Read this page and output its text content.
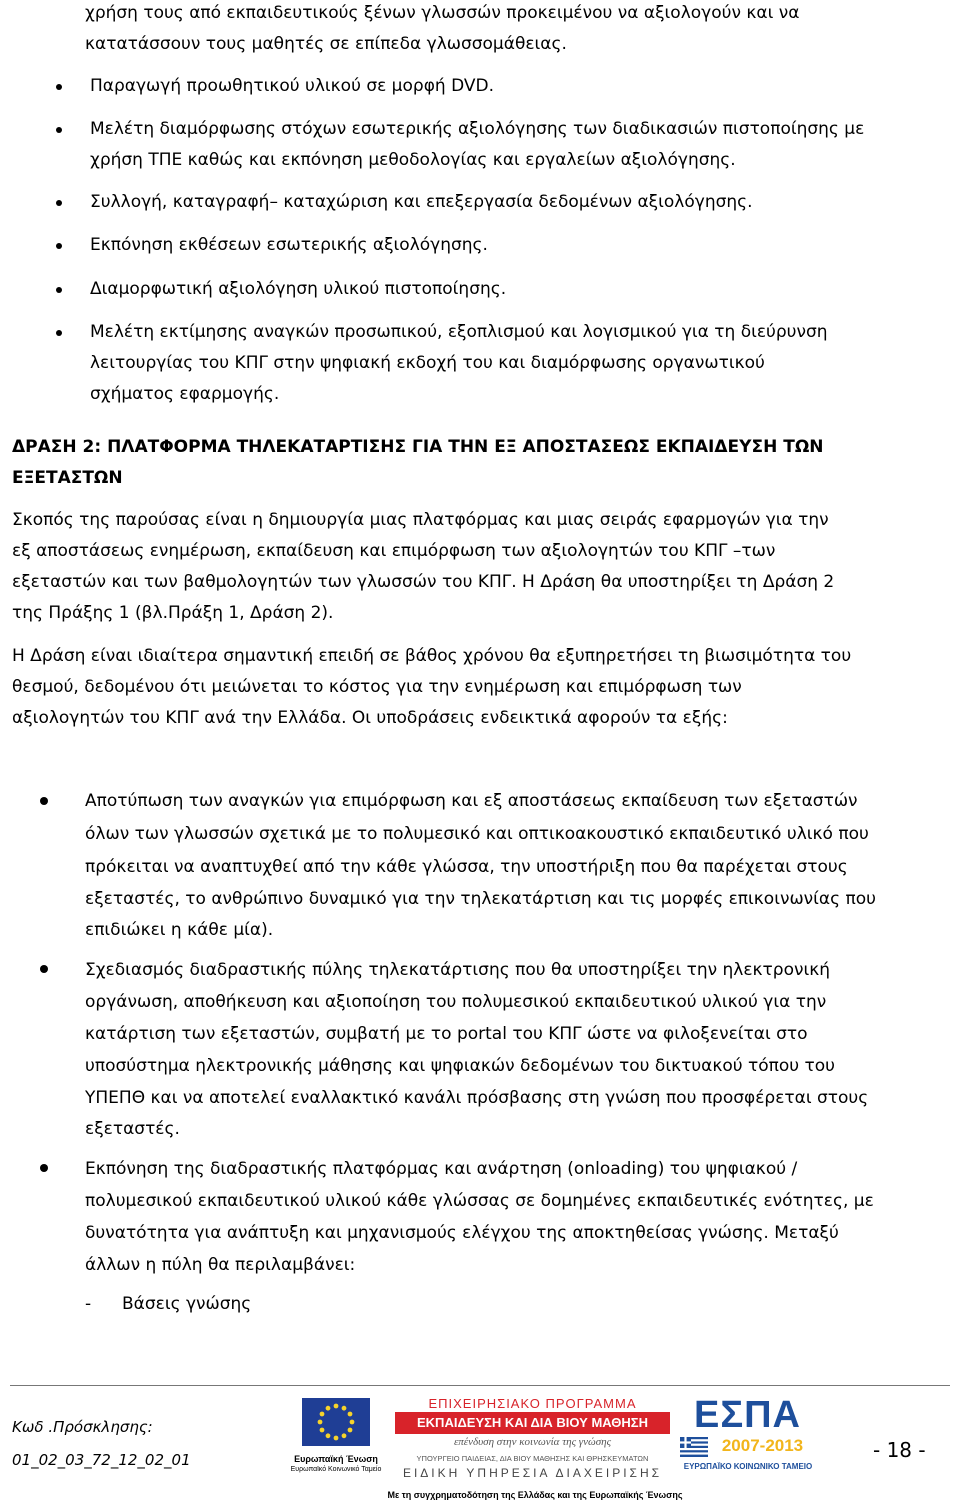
χρήση τους από εκπαιδευτικούς ξένων γλωσσών προκειμένου να αξιολογούν και να
κατατάσσουν τους μαθητές σε επίπεδα γλωσσομάθειας.
Παραγωγή προωθητικού υλικού σε μορφή DVD.
Μελέτη διαμόρφωσης στόχων εσωτερικής αξιολόγησης των διαδικασιών πιστοποίησης με
χρήση ΤΠΕ καθώς και εκπόνηση μεθοδολογίας και εργαλείων αξιολόγησης.
Συλλογή, καταγραφή– καταχώριση και επεξεργασία δεδομένων αξιολόγησης.
Εκπόνηση εκθέσεων εσωτερικής αξιολόγησης.
Διαμορφωτική αξιολόγηση υλικού πιστοποίησης.
Μελέτη εκτίμησης αναγκών προσωπικού, εξοπλισμού και λογισμικού για τη διεύρυνση
λειτουργίας του ΚΠΓ στην ψηφιακή εκδοχή του και διαμόρφωσης οργανωτικού
σχήματος εφαρμογής.
ΔΡΑΣΗ 2: ΠΛΑΤΦΟΡΜΑ ΤΗΛΕΚΑΤΑΡΤΙΣΗΣ ΓΙΑ ΤΗΝ ΕΞ ΑΠΟΣΤΑΣΕΩΣ ΕΚΠΑΙΔΕΥΣΗ ΤΩΝ
ΕΞΕΤΑΣΤΩΝ
Σκοπός της παρούσας είναι η δημιουργία μιας πλατφόρμας και μιας σειράς εφαρμογών για την
εξ αποστάσεως ενημέρωση, εκπαίδευση και επιμόρφωση των αξιολογητών του ΚΠΓ –των
εξεταστών και των βαθμολογητών των γλωσσών του ΚΠΓ. Η Δράση θα υποστηρίξει τη Δράση 2
της Πράξης 1 (βλ.Πράξη 1, Δράση 2).
Η Δράση είναι ιδιαίτερα σημαντική επειδή σε βάθος χρόνου θα εξυπηρετήσει τη βιωσιμότητα του
θεσμού, δεδομένου ότι μειώνεται το κόστος για την ενημέρωση και επιμόρφωση των
αξιολογητών του ΚΠΓ ανά την Ελλάδα. Οι υποδράσεις ενδεικτικά αφορούν τα εξής:
Αποτύπωση των αναγκών για επιμόρφωση και εξ αποστάσεως εκπαίδευση των εξεταστών
όλων των γλωσσών σχετικά με το πολυμεσικό και οπτικοακουστικό εκπαιδευτικό υλικό που
πρόκειται να αναπτυχθεί από την κάθε γλώσσα, την υποστήριξη που θα παρέχεται στους
εξεταστές, το ανθρώπινο δυναμικό για την τηλεκατάρτιση και τις μορφές επικοινωνίας που
επιδιώκει η κάθε μία).
Σχεδιασμός διαδραστικής πύλης τηλεκατάρτισης που θα υποστηρίξει την ηλεκτρονική
οργάνωση, αποθήκευση και αξιοποίηση του πολυμεσικού εκπαιδευτικού υλικού για την
κατάρτιση των εξεταστών, συμβατή με το portal του ΚΠΓ ώστε να φιλοξενείται στο
υποσύστημα ηλεκτρονικής μάθησης και ψηφιακών δεδομένων του δικτυακού τόπου του
ΥΠΕΠΘ και να αποτελεί εναλλακτικό κανάλι πρόσβασης στη γνώση που προσφέρεται στους
εξεταστές.
Εκπόνηση της διαδραστικής πλατφόρμας και ανάρτηση (onloading) του ψηφιακού /
πολυμεσικού εκπαιδευτικού υλικού κάθε γλώσσας σε δομημένες εκπαιδευτικές ενότητες, με
δυνατότητα για ανάπτυξη και μηχανισμούς ελέγχου της αποκτηθείσας γνώσης. Μεταξύ
άλλων η πύλη θα περιλαμβάνει:
- Βάσεις γνώσης
Κωδ .Πρόσκλησης:
01_02_03_72_12_02_01	Ευρωπαϊκή Ένωση
Ευρωπαϊκό Κοινωνικό Ταμείο
ΕΠΙΧΕΙΡΗΣΙΑΚΟ ΠΡΟΓΡΑΜΜΑ
ΕΚΠΑΙΔΕΥΣΗ ΚΑΙ ΔΙΑ ΒΙΟΥ ΜΑΘΗΣΗ
επένδυση στην κοινωνία της γνώσης
ΥΠΟΥΡΓΕΙΟ ΠΑΙΔΕΙΑΣ, ΔΙΑ ΒΙΟΥ ΜΑΘΗΣΗΣ ΚΑΙ ΘΡΗΣΚΕΥΜΑΤΩΝ
ΕΙΔΙΚΗ ΥΠΗΡΕΣΙΑ ΔΙΑΧΕΙΡΙΣΗΣ
ΕΣΠΑ
2007-2013
ΕΥΡΩΠΑΪΚΟ ΚΟΙΝΩΝΙΚΟ ΤΑΜΕΙΟ
Με τη συγχρηματοδότηση της Ελλάδας και της Ευρωπαϊκής Ένωσης
- 18 -
